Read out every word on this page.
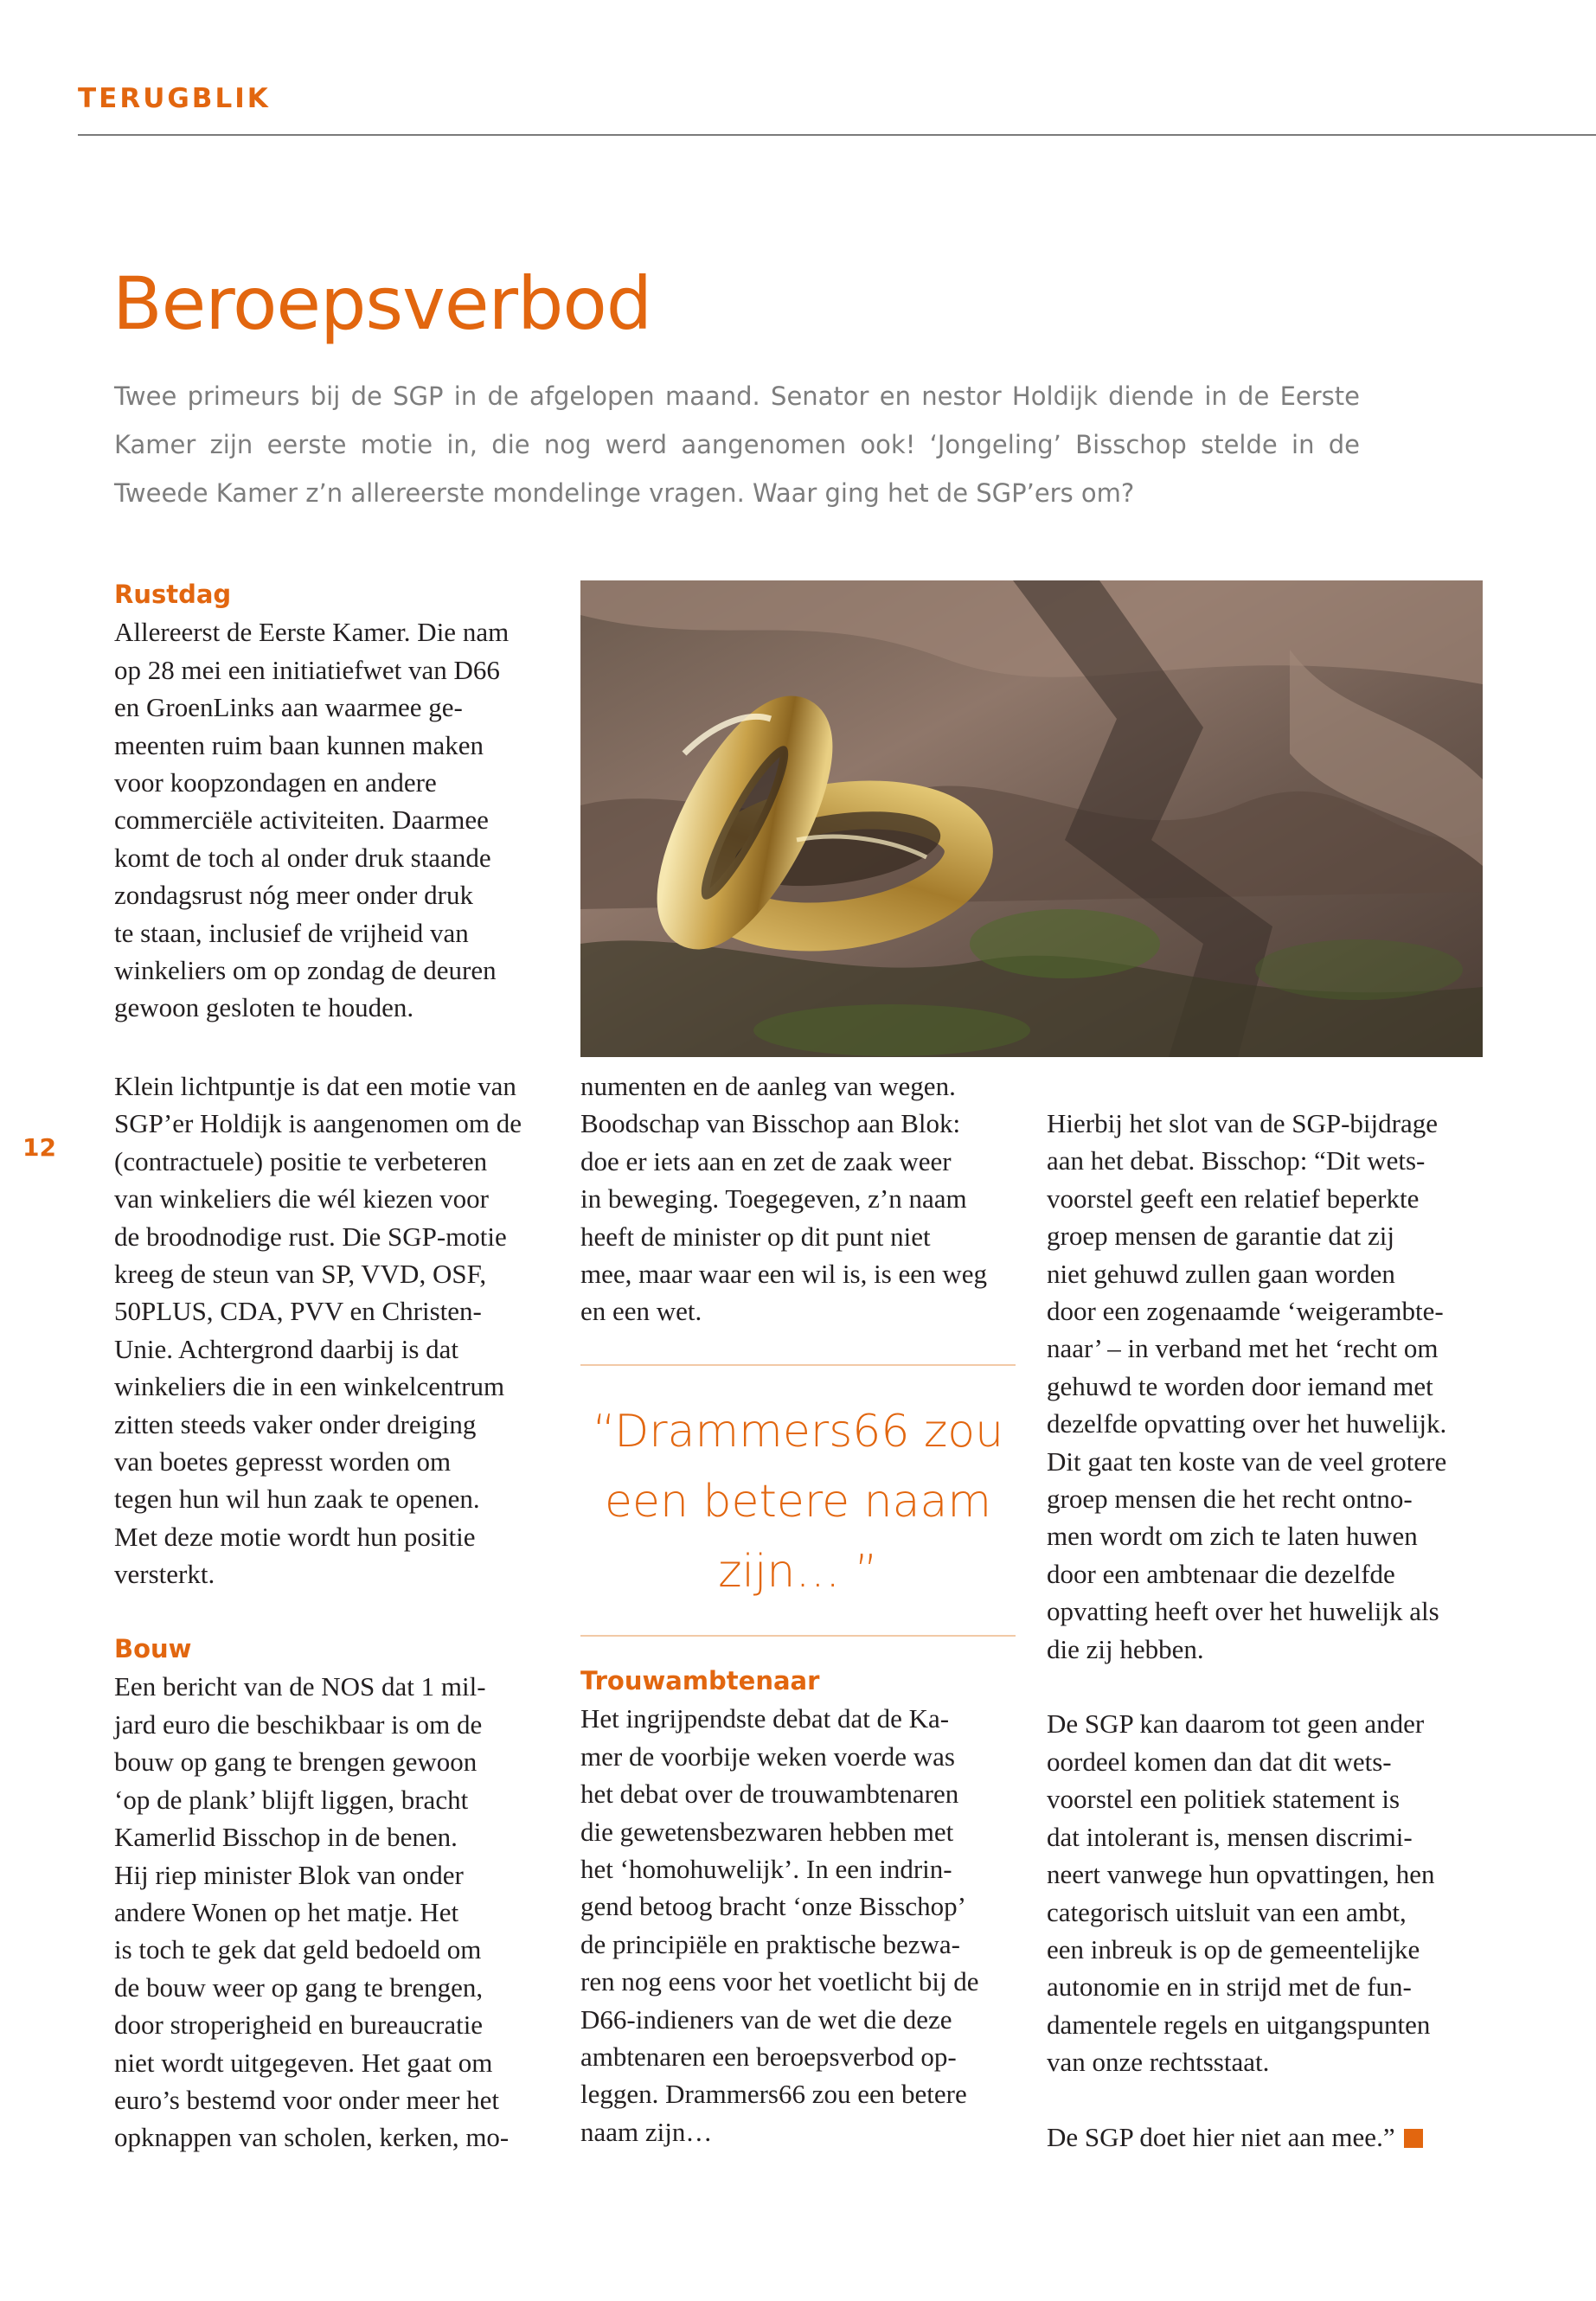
TERUGBLIK
Beroepsverbod

Twee primeurs bij de SGP in de afgelopen maand. Senator en nestor Holdijk diende in de Eerste Kamer zijn eerste motie in, die nog werd aangenomen ook! ‘Jongeling’ Bisschop stelde in de Tweede Kamer z’n allereerste mondelinge vragen. Waar ging het de SGP’ers om?

12

Rustdag

Allereerst de Eerste Kamer. Die nam

op 28 mei een initiatiefwet van D66

en GroenLinks aan waarmee ge-

meenten ruim baan kunnen maken

voor koopzondagen en andere

commerciële activiteiten. Daarmee

komt de toch al onder druk staande

zondagsrust nóg meer onder druk

te staan, inclusief de vrijheid van

winkeliers om op zondag de deuren

gewoon gesloten te houden.

Klein lichtpuntje is dat een motie van

SGP’er Holdijk is aangenomen om de

(contractuele) positie te verbeteren

van winkeliers die wél kiezen voor

de broodnodige rust. Die SGP-motie

kreeg de steun van SP, VVD, OSF,

50PLUS, CDA, PVV en Christen-

Unie. Achtergrond daarbij is dat

winkeliers die in een winkelcentrum

zitten steeds vaker onder dreiging

van boetes gepresst worden om

tegen hun wil hun zaak te openen.

Met deze motie wordt hun positie

versterkt.

Bouw

Een bericht van de NOS dat 1 mil-

jard euro die beschikbaar is om de

bouw op gang te brengen gewoon

‘op de plank’ blijft liggen, bracht

Kamerlid Bisschop in de benen.

Hij riep minister Blok van onder

andere Wonen op het matje. Het

is toch te gek dat geld bedoeld om

de bouw weer op gang te brengen,

door stroperigheid en bureaucratie

niet wordt uitgegeven. Het gaat om

euro’s bestemd voor onder meer het

opknappen van scholen, kerken, mo-

numenten en de aanleg van wegen.

Boodschap van Bisschop aan Blok:

doe er iets aan en zet de zaak weer

in beweging. Toegegeven, z’n naam

heeft de minister op dit punt niet

mee, maar waar een wil is, is een weg

en een wet.

“Drammers66 zou
een betere naam
zijn… ”

Trouwambtenaar

Het ingrijpendste debat dat de Ka-

mer de voorbije weken voerde was

het debat over de trouwambtenaren

die gewetensbezwaren hebben met

het ‘homohuwelijk’. In een indrin-

gend betoog bracht ‘onze Bisschop’

de principiële en praktische bezwa-

ren nog eens voor het voetlicht bij de

D66-indieners van de wet die deze

ambtenaren een beroepsverbod op-

leggen. Drammers66 zou een betere

naam zijn…

Hierbij het slot van de SGP-bijdrage

aan het debat. Bisschop: “Dit wets-

voorstel geeft een relatief beperkte

groep mensen de garantie dat zij

niet gehuwd zullen gaan worden

door een zogenaamde ‘weigerambte-

naar’ – in verband met het ‘recht om

gehuwd te worden door iemand met

dezelfde opvatting over het huwelijk.

Dit gaat ten koste van de veel grotere

groep mensen die het recht ontno-

men wordt om zich te laten huwen

door een ambtenaar die dezelfde

opvatting heeft over het huwelijk als

die zij hebben.

De SGP kan daarom tot geen ander

oordeel komen dan dat dit wets-

voorstel een politiek statement is

dat intolerant is, mensen discrimi-

neert vanwege hun opvattingen, hen

categorisch uitsluit van een ambt,

een inbreuk is op de gemeentelijke

autonomie en in strijd met de fun-

damentele regels en uitgangspunten

van onze rechtsstaat.

De SGP doet hier niet aan mee.”
